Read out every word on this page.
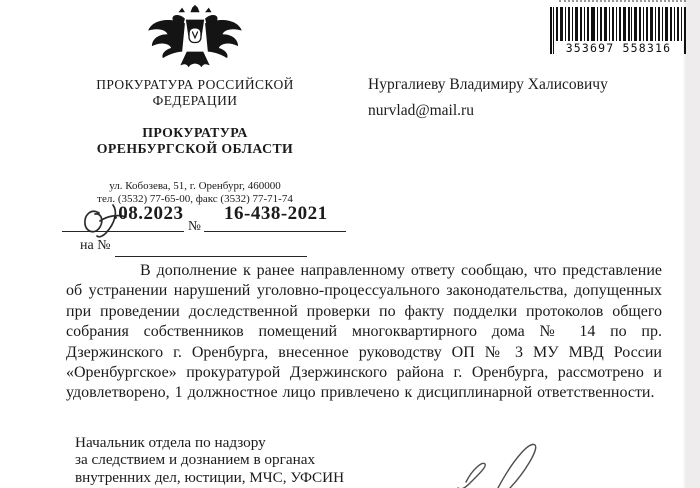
ПРОКУРАТУРА РОССИЙСКОЙ
ФЕДЕРАЦИИ
ПРОКУРАТУРА
ОРЕНБУРГСКОЙ ОБЛАСТИ
ул. Кобозева, 51, г. Оренбург, 460000
тел. (3532) 77-65-00, факс (3532) 77-71-74
.08.2023
№
16-438-2021
на №
Нургалиеву Владимиру Халисовичу
nurvlad@mail.ru
353697 558316
В дополнение к ранее направленному ответу сообщаю, что представление об устранении нарушений уголовно-процессуального законодательства, допущенных при проведении доследственной проверки по факту подделки протоколов общего собрания собственников помещений многоквартирного дома № 14 по пр. Дзержинского г. Оренбурга, внесенное руководству ОП № 3 МУ МВД России «Оренбургское» прокуратурой Дзержинского района г. Оренбурга, рассмотрено и удовлетворено, 1 должностное лицо привлечено к дисциплинарной ответственности.
Начальник отдела по надзору
за следствием и дознанием в органах
внутренних дел, юстиции, МЧС, УФСИН
